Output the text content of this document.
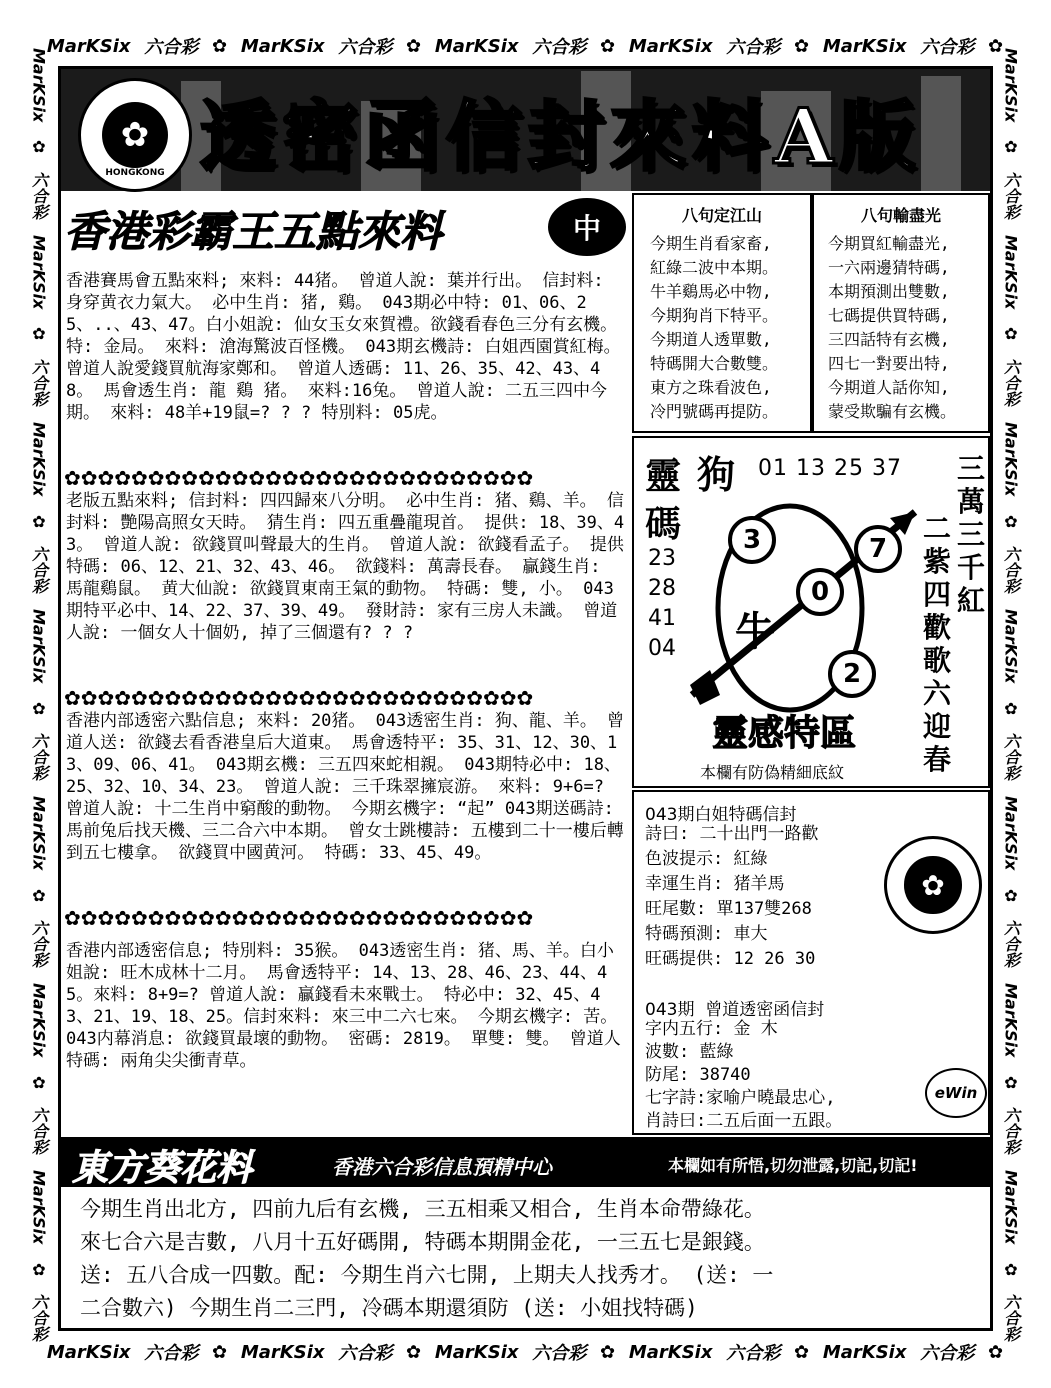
MarKSix 六合彩 ✿ MarKSix 六合彩 ✿ MarKSix 六合彩 ✿ MarKSix 六合彩 ✿ MarKSix 六合彩 ✿
MarKSix 六合彩 ✿ MarKSix 六合彩 ✿ MarKSix 六合彩 ✿ MarKSix 六合彩 ✿ MarKSix 六合彩 ✿
MarKSix
✿
六合彩
MarKSix
✿
六合彩
MarKSix
✿
六合彩
MarKSix
✿
六合彩
MarKSix
✿
六合彩
MarKSix
✿
六合彩
MarKSix
✿
六合彩
MarKSix
✿
六合彩
MarKSix
✿
六合彩
MarKSix
✿
六合彩
MarKSix
✿
六合彩
MarKSix
✿
六合彩
MarKSix
✿
六合彩
MarKSix
✿
六合彩
✿
HONGKONG 透密函信封來料A版
香港彩霸王五點來料	中
香港賽馬會五點來料; 來料: 44猪。 曾道人說: 葉并行出。 信封料: 身穿黄衣力氣大。 必中生肖: 猪, 鷄。 043期必中特: 01、06、25、..、43、47。白小姐說: 仙女玉女來賀禮。欲錢看春色三分有玄機。特: 金局。 來料: 滄海驚波百怪機。 043期玄機詩: 白姐西園賞紅梅。 曾道人說愛錢買航海家鄭和。 曾道人透碼: 11、26、35、42、43、48。 馬會透生肖: 龍 鷄 猪。 來料:16兔。 曾道人說: 二五三四中今期。 來料: 48羊+19鼠=? ? ? 特別料: 05虎。
✿✿✿✿✿✿✿✿✿✿✿✿✿✿✿✿✿✿✿✿✿✿✿✿✿✿✿✿
老版五點來料; 信封料: 四四歸來八分明。 必中生肖: 猪、鷄、羊。 信封料: 艷陽高照女天時。 猜生肖: 四五重疊龍現首。 提供: 18、39、43。 曾道人說: 欲錢買叫聲最大的生肖。 曾道人說: 欲錢看孟子。 提供特碼: 06、12、21、32、43、46。 欲錢料: 萬壽長春。 贏錢生肖: 馬龍鷄鼠。 黄大仙說: 欲錢買東南王氣的動物。 特碼: 雙, 小。 043期特平必中、14、22、37、39、49。 發財詩: 家有三房人未識。 曾道人說: 一個女人十個奶, 掉了三個還有? ? ?
✿✿✿✿✿✿✿✿✿✿✿✿✿✿✿✿✿✿✿✿✿✿✿✿✿✿✿✿
香港内部透密六點信息; 來料: 20猪。 043透密生肖: 狗、龍、羊。 曾道人送: 欲錢去看香港皇后大道東。 馬會透特平: 35、31、12、30、13、09、06、41。 043期玄機: 三五四來蛇相親。 043期特必中: 18、25、32、10、34、23。 曾道人說: 三千珠翠擁宸游。 來料: 9+6=? 曾道人說: 十二生肖中窮酸的動物。 今期玄機字: “起” 043期送碼詩: 馬前兔后找天機、三二合六中本期。 曾女士跳樓詩: 五樓到二十一樓后轉到五七樓拿。 欲錢買中國黄河。 特碼: 33、45、49。
✿✿✿✿✿✿✿✿✿✿✿✿✿✿✿✿✿✿✿✿✿✿✿✿✿✿✿✿
香港内部透密信息; 特別料: 35猴。 043透密生肖: 猪、馬、羊。白小姐說: 旺木成林十二月。 馬會透特平: 14、13、28、46、23、44、45。來料: 8+9=? 曾道人說: 贏錢看未來戰士。 特必中: 32、45、43、21、19、18、25。信封來料: 來三中二六七來。 今期玄機字: 苦。 043内幕消息: 欲錢買最壞的動物。 密碼: 2819。 單雙: 雙。 曾道人特碼: 兩角尖尖衝青草。
八句定江山
今期生肖看家畜,
紅綠二波中本期。
牛羊鷄馬必中物,
今期狗肖下特平。
今期道人透單數,
特碼開大合數雙。
東方之珠看波色,
冷門號碼再提防。
八句輸盡光
今期買紅輸盡光,
一六兩邊猜特碼,
本期預測出雙數,
七碼提供買特碼,
三四話特有玄機,
四七一對要出特,
今期道人話你知,
蒙受欺騙有玄機。
靈
碼
狗 01 13 25 37
23
28
41
04
3
0
7
2
牛
三
萬
三
千
紅
二
紫
四
歡
歌
六
迎
春
靈感特區
本欄有防偽精細底紋
043期白姐特碼信封
詩曰: 二十出門一路歡
色波提示: 紅綠
幸運生肖: 猪羊馬
旺尾數: 單137雙268
特碼預測: 車大
旺碼提供: 12 26 30
✿
043期  曾道透密函信封
字内五行: 金 木
波數: 藍綠
防尾: 38740
七字詩:家喻户曉最忠心,
肖詩曰:二五后面一五跟。
eWin
東方葵花料	香港六合彩信息預精中心	本欄如有所悟,切勿泄露,切記,切記!
今期生肖出北方, 四前九后有玄機, 三五相乘又相合, 生肖本命帶綠花。
來七合六是吉數, 八月十五好碼開, 特碼本期開金花, 一三五七是銀錢。
送: 五八合成一四數。配: 今期生肖六七開, 上期夫人找秀才。 (送: 一
二合數六) 今期生肖二三門, 冷碼本期還須防 (送: 小姐找特碼)
